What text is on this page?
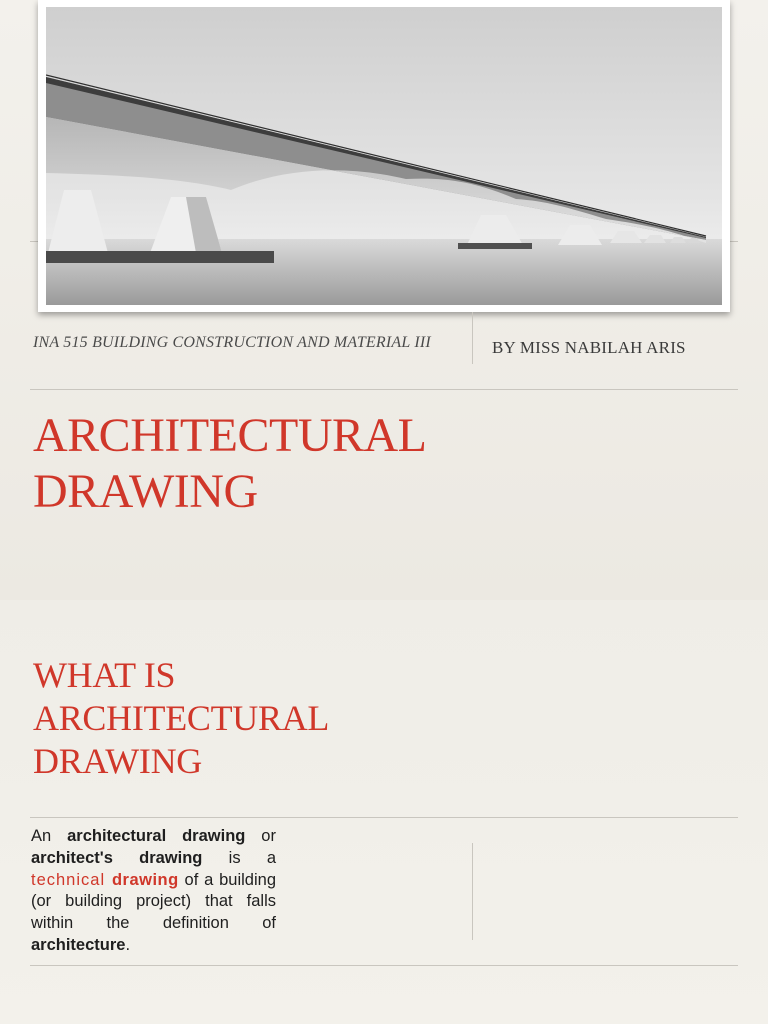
INA 515 BUILDING CONSTRUCTION AND MATERIAL III	BY MISS NABILAH ARIS
ARCHITECTURAL
DRAWING
WHAT IS
ARCHITECTURAL
DRAWING
An architectural drawing or architect's drawing is a technical drawing of a building (or building project) that falls within the definition of architecture.
